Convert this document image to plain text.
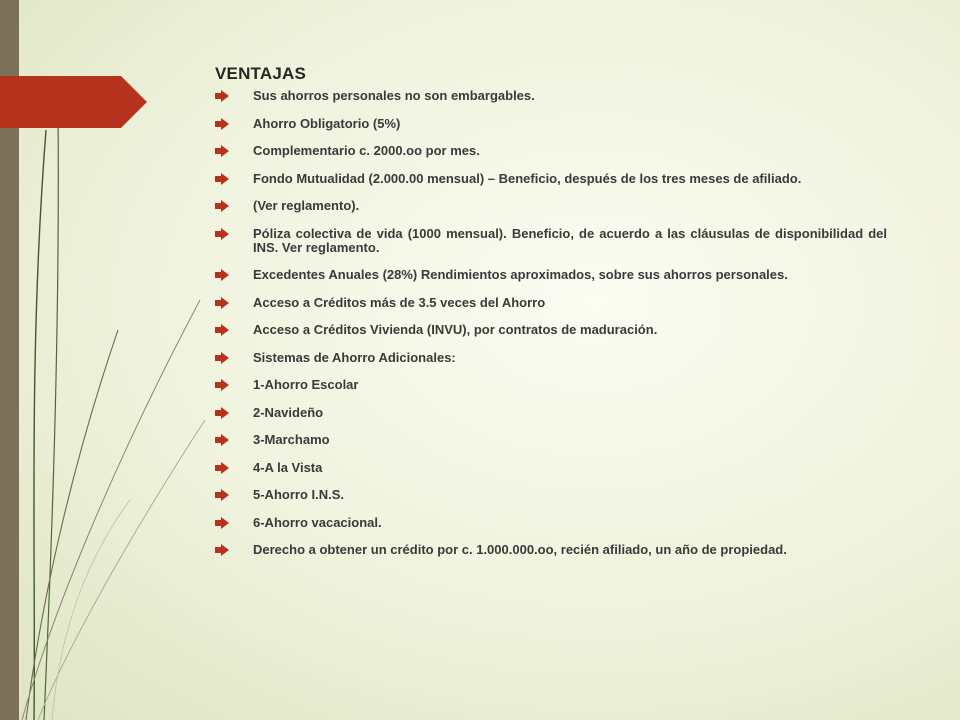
VENTAJAS
Sus ahorros personales no son embargables.
Ahorro Obligatorio (5%)
Complementario c. 2000.oo por mes.
Fondo Mutualidad (2.000.00 mensual) – Beneficio, después de los tres meses de afiliado.
(Ver reglamento).
Póliza colectiva de vida (1000 mensual). Beneficio, de acuerdo a las cláusulas de disponibilidad del INS. Ver reglamento.
Excedentes Anuales (28%) Rendimientos aproximados, sobre sus ahorros personales.
Acceso a Créditos más de 3.5 veces del Ahorro
Acceso a Créditos Vivienda (INVU), por contratos de maduración.
Sistemas de Ahorro Adicionales:
1-Ahorro Escolar
2-Navideño
3-Marchamo
4-A la Vista
5-Ahorro I.N.S.
6-Ahorro vacacional.
Derecho a obtener un crédito por c. 1.000.000.oo, recién afiliado, un año de propiedad.
